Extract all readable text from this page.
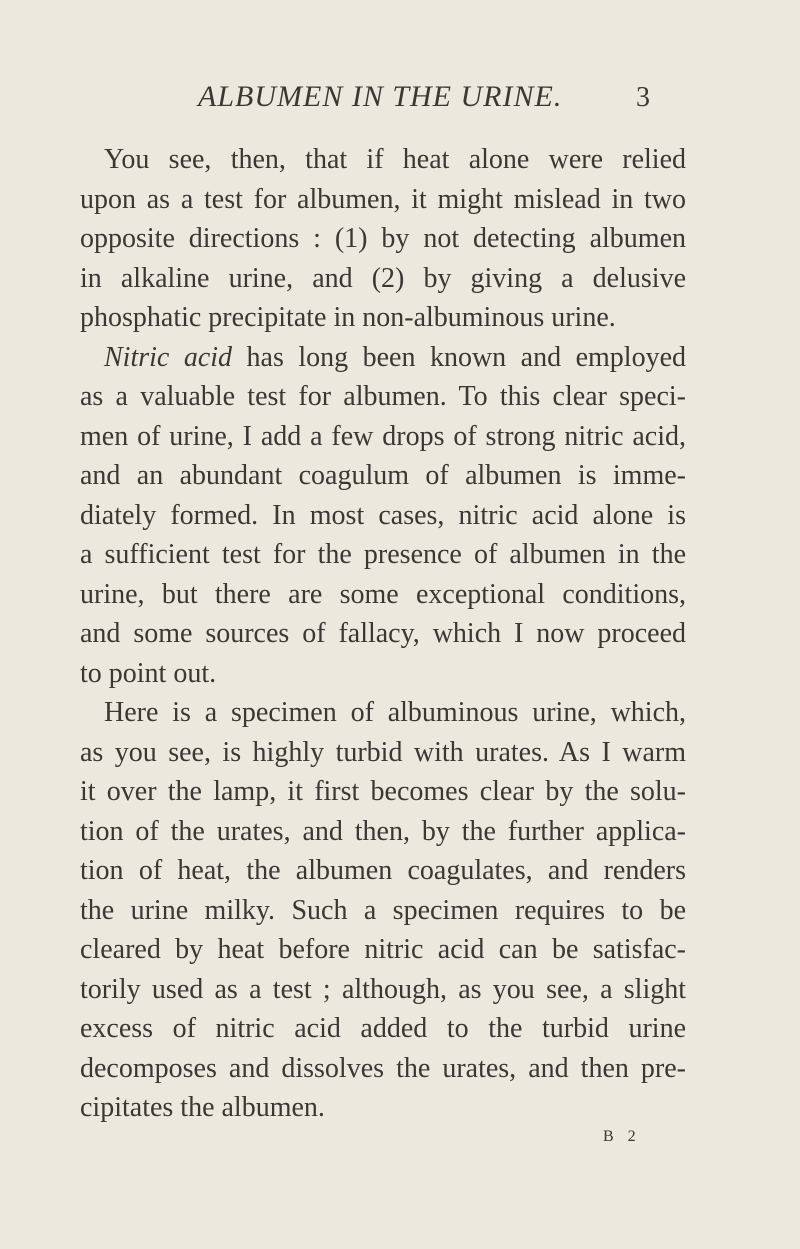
ALBUMEN IN THE URINE.	3
You see, then, that if heat alone were relied
upon as a test for albumen, it might mislead in two
opposite directions : (1) by not detecting albumen
in alkaline urine, and (2) by giving a delusive
phosphatic precipitate in non-albuminous urine.
Nitric acid has long been known and employed
as a valuable test for albumen. To this clear speci-
men of urine, I add a few drops of strong nitric acid,
and an abundant coagulum of albumen is imme-
diately formed. In most cases, nitric acid alone is
a sufficient test for the presence of albumen in the
urine, but there are some exceptional conditions,
and some sources of fallacy, which I now proceed
to point out.
Here is a specimen of albuminous urine, which,
as you see, is highly turbid with urates. As I warm
it over the lamp, it first becomes clear by the solu-
tion of the urates, and then, by the further applica-
tion of heat, the albumen coagulates, and renders
the urine milky. Such a specimen requires to be
cleared by heat before nitric acid can be satisfac-
torily used as a test ; although, as you see, a slight
excess of nitric acid added to the turbid urine
decomposes and dissolves the urates, and then pre-
cipitates the albumen.
B 2
